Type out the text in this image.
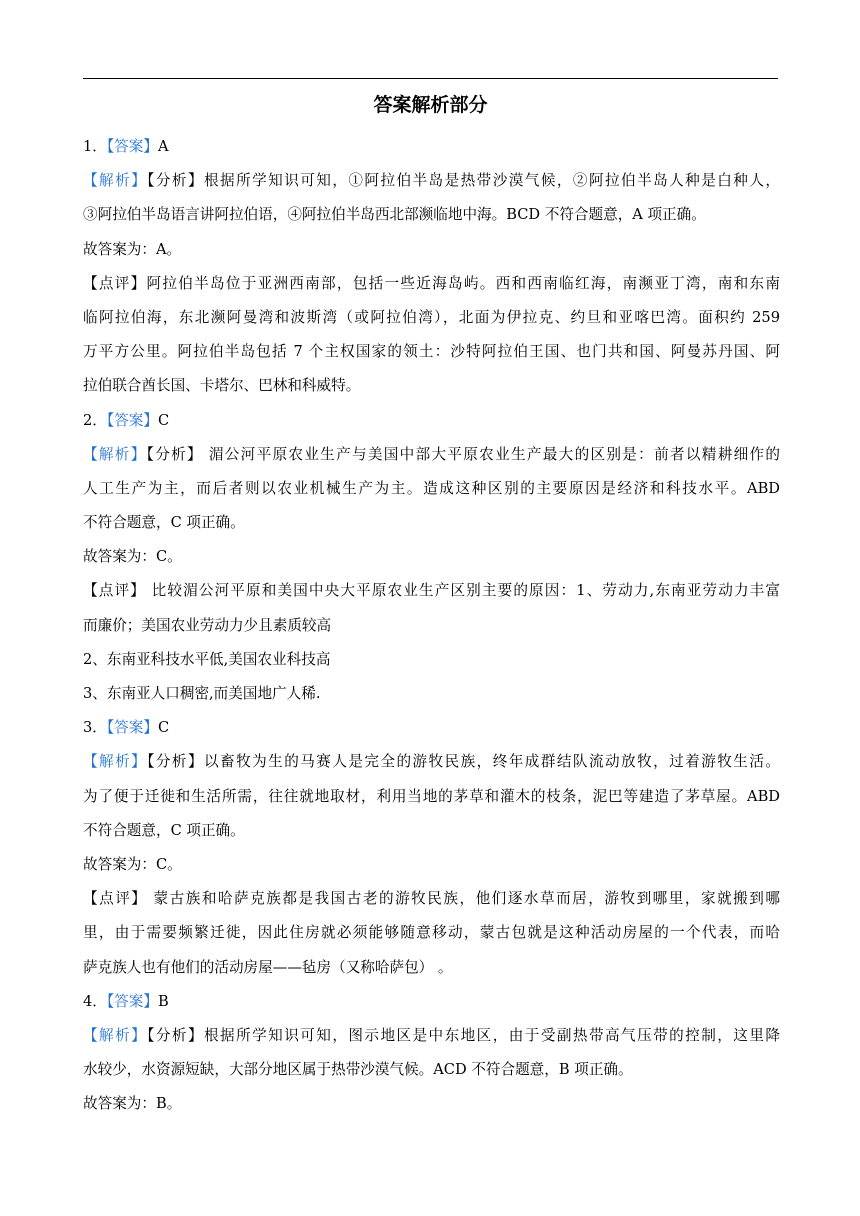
答案解析部分
1．【答案】A
【解析】【分析】根据所学知识可知，①阿拉伯半岛是热带沙漠气候，②阿拉伯半岛人种是白种人，
③阿拉伯半岛语言讲阿拉伯语，④阿拉伯半岛西北部濒临地中海。BCD 不符合题意，A 项正确。
故答案为：A。
【点评】阿拉伯半岛位于亚洲西南部，包括一些近海岛屿。西和西南临红海，南濒亚丁湾，南和东南
临阿拉伯海，东北濒阿曼湾和波斯湾（或阿拉伯湾），北面为伊拉克、约旦和亚喀巴湾。面积约 259
万平方公里。阿拉伯半岛包括 7 个主权国家的领土：沙特阿拉伯王国、也门共和国、阿曼苏丹国、阿
拉伯联合酋长国、卡塔尔、巴林和科威特。
2．【答案】C
【解析】【分析】 湄公河平原农业生产与美国中部大平原农业生产最大的区别是：前者以精耕细作的
人工生产为主，而后者则以农业机械生产为主。造成这种区别的主要原因是经济和科技水平。ABD
不符合题意，C 项正确。
故答案为：C。
【点评】 比较湄公河平原和美国中央大平原农业生产区别主要的原因：1、劳动力,东南亚劳动力丰富
而廉价；美国农业劳动力少且素质较高
2、东南亚科技水平低,美国农业科技高
3、东南亚人口稠密,而美国地广人稀.
3．【答案】C
【解析】【分析】以畜牧为生的马赛人是完全的游牧民族，终年成群结队流动放牧，过着游牧生活。
为了便于迁徙和生活所需，往往就地取材，利用当地的茅草和灌木的枝条，泥巴等建造了茅草屋。ABD
不符合题意，C 项正确。
故答案为：C。
【点评】 蒙古族和哈萨克族都是我国古老的游牧民族，他们逐水草而居，游牧到哪里，家就搬到哪
里，由于需要频繁迁徙，因此住房就必须能够随意移动，蒙古包就是这种活动房屋的一个代表，而哈
萨克族人也有他们的活动房屋——毡房（又称哈萨包） 。
4．【答案】B
【解析】【分析】根据所学知识可知，图示地区是中东地区，由于受副热带高气压带的控制，这里降
水较少，水资源短缺，大部分地区属于热带沙漠气候。ACD 不符合题意，B 项正确。
故答案为：B。
